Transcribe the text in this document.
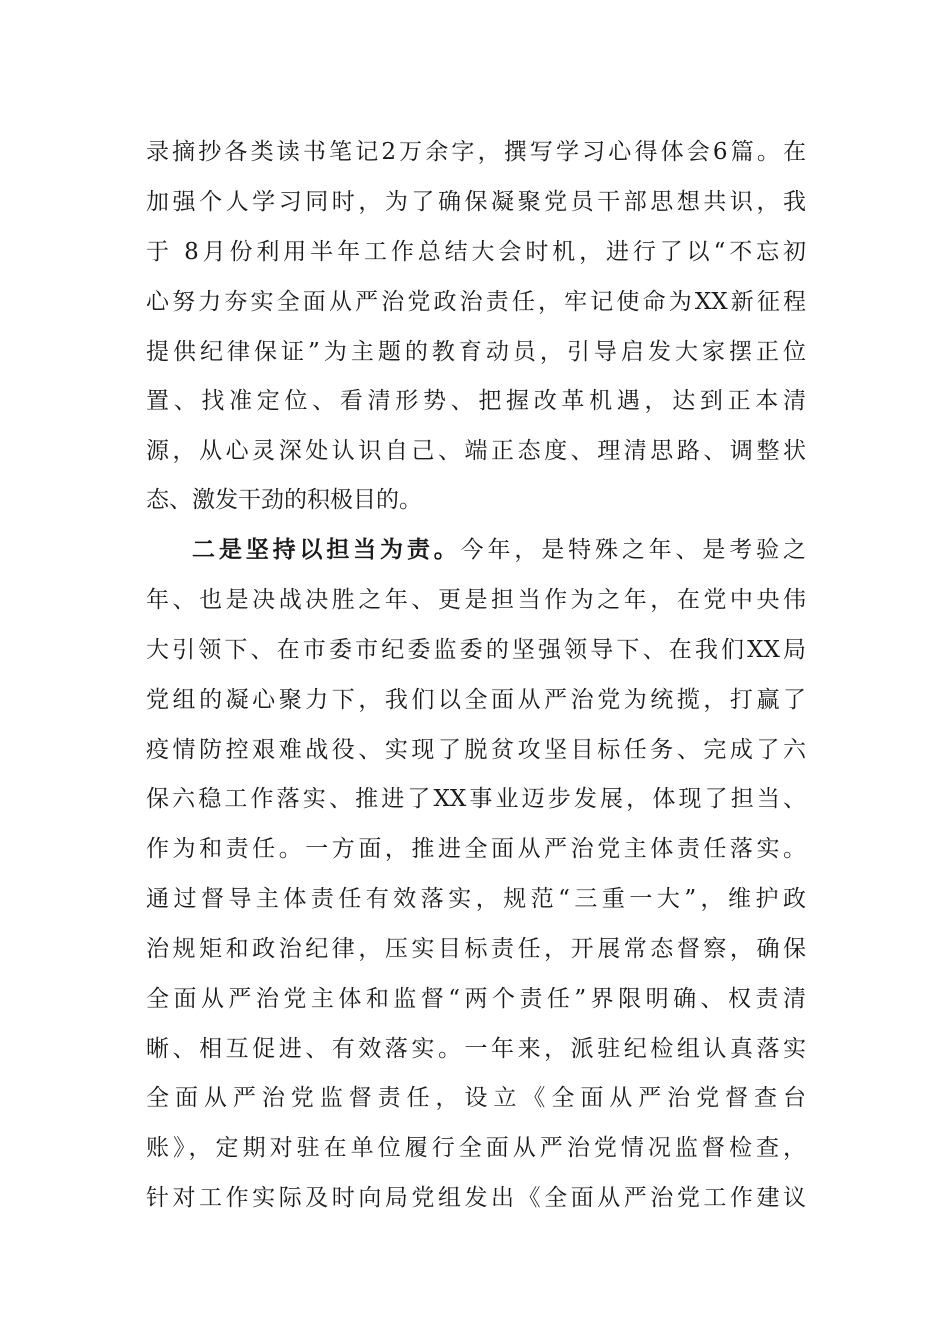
录摘抄各类读书笔记2万余字，撰写学习心得体会6篇。在
加强个人学习同时，为了确保凝聚党员干部思想共识，我
于 8月份利用半年工作总结大会时机，进行了以“不忘初
心努力夯实全面从严治党政治责任，牢记使命为XX新征程
提供纪律保证”为主题的教育动员，引导启发大家摆正位
置、找准定位、看清形势、把握改革机遇，达到正本清
源，从心灵深处认识自己、端正态度、理清思路、调整状
态、激发干劲的积极目的。
二是坚持以担当为责。今年，是特殊之年、是考验之
年、也是决战决胜之年、更是担当作为之年，在党中央伟
大引领下、在市委市纪委监委的坚强领导下、在我们XX局
党组的凝心聚力下，我们以全面从严治党为统揽，打赢了
疫情防控艰难战役、实现了脱贫攻坚目标任务、完成了六
保六稳工作落实、推进了XX事业迈步发展，体现了担当、
作为和责任。一方面，推进全面从严治党主体责任落实。
通过督导主体责任有效落实，规范“三重一大”，维护政
治规矩和政治纪律，压实目标责任，开展常态督察，确保
全面从严治党主体和监督“两个责任”界限明确、权责清
晰、相互促进、有效落实。一年来，派驻纪检组认真落实
全面从严治党监督责任，设立《全面从严治党督查台
账》，定期对驻在单位履行全面从严治党情况监督检查，
针对工作实际及时向局党组发出《全面从严治党工作建议
